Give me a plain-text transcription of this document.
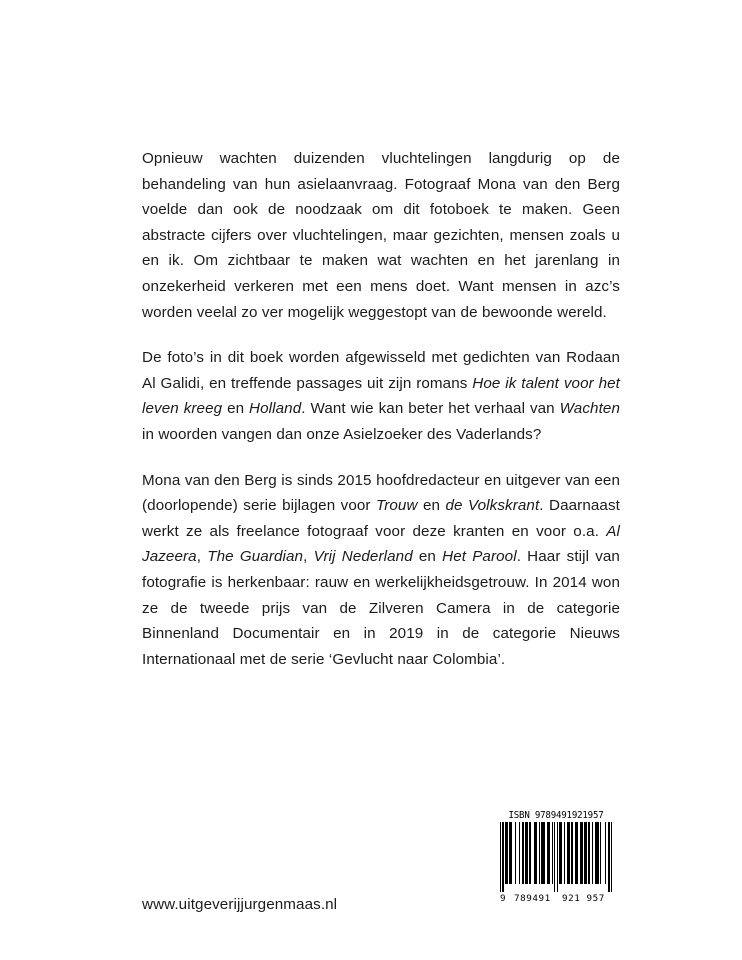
Opnieuw wachten duizenden vluchtelingen langdurig op de behandeling van hun asielaanvraag. Fotograaf Mona van den Berg voelde dan ook de noodzaak om dit fotoboek te maken. Geen abstracte cijfers over vluchtelingen, maar gezichten, mensen zoals u en ik. Om zichtbaar te maken wat wachten en het jarenlang in onzekerheid verkeren met een mens doet. Want mensen in azc’s worden veelal zo ver mogelijk weggestopt van de bewoonde wereld.

De foto’s in dit boek worden afgewisseld met gedichten van Rodaan Al Galidi, en treffende passages uit zijn romans Hoe ik talent voor het leven kreeg en Holland. Want wie kan beter het verhaal van Wachten in woorden vangen dan onze Asielzoeker des Vaderlands?

Mona van den Berg is sinds 2015 hoofdredacteur en uitgever van een (doorlopende) serie bijlagen voor Trouw en de Volkskrant. Daarnaast werkt ze als freelance fotograaf voor deze kranten en voor o.a. Al Jazeera, The Guardian, Vrij Nederland en Het Parool. Haar stijl van fotografie is herkenbaar: rauw en werkelijkheidsgetrouw. In 2014 won ze de tweede prijs van de Zilveren Camera in de categorie Binnenland Documentair en in 2019 in de categorie Nieuws Internationaal met de serie ‘Gevlucht naar Colombia’.

www.uitgeverijjurgenmaas.nl
ISBN 9789491921957
9 789491 921 957
